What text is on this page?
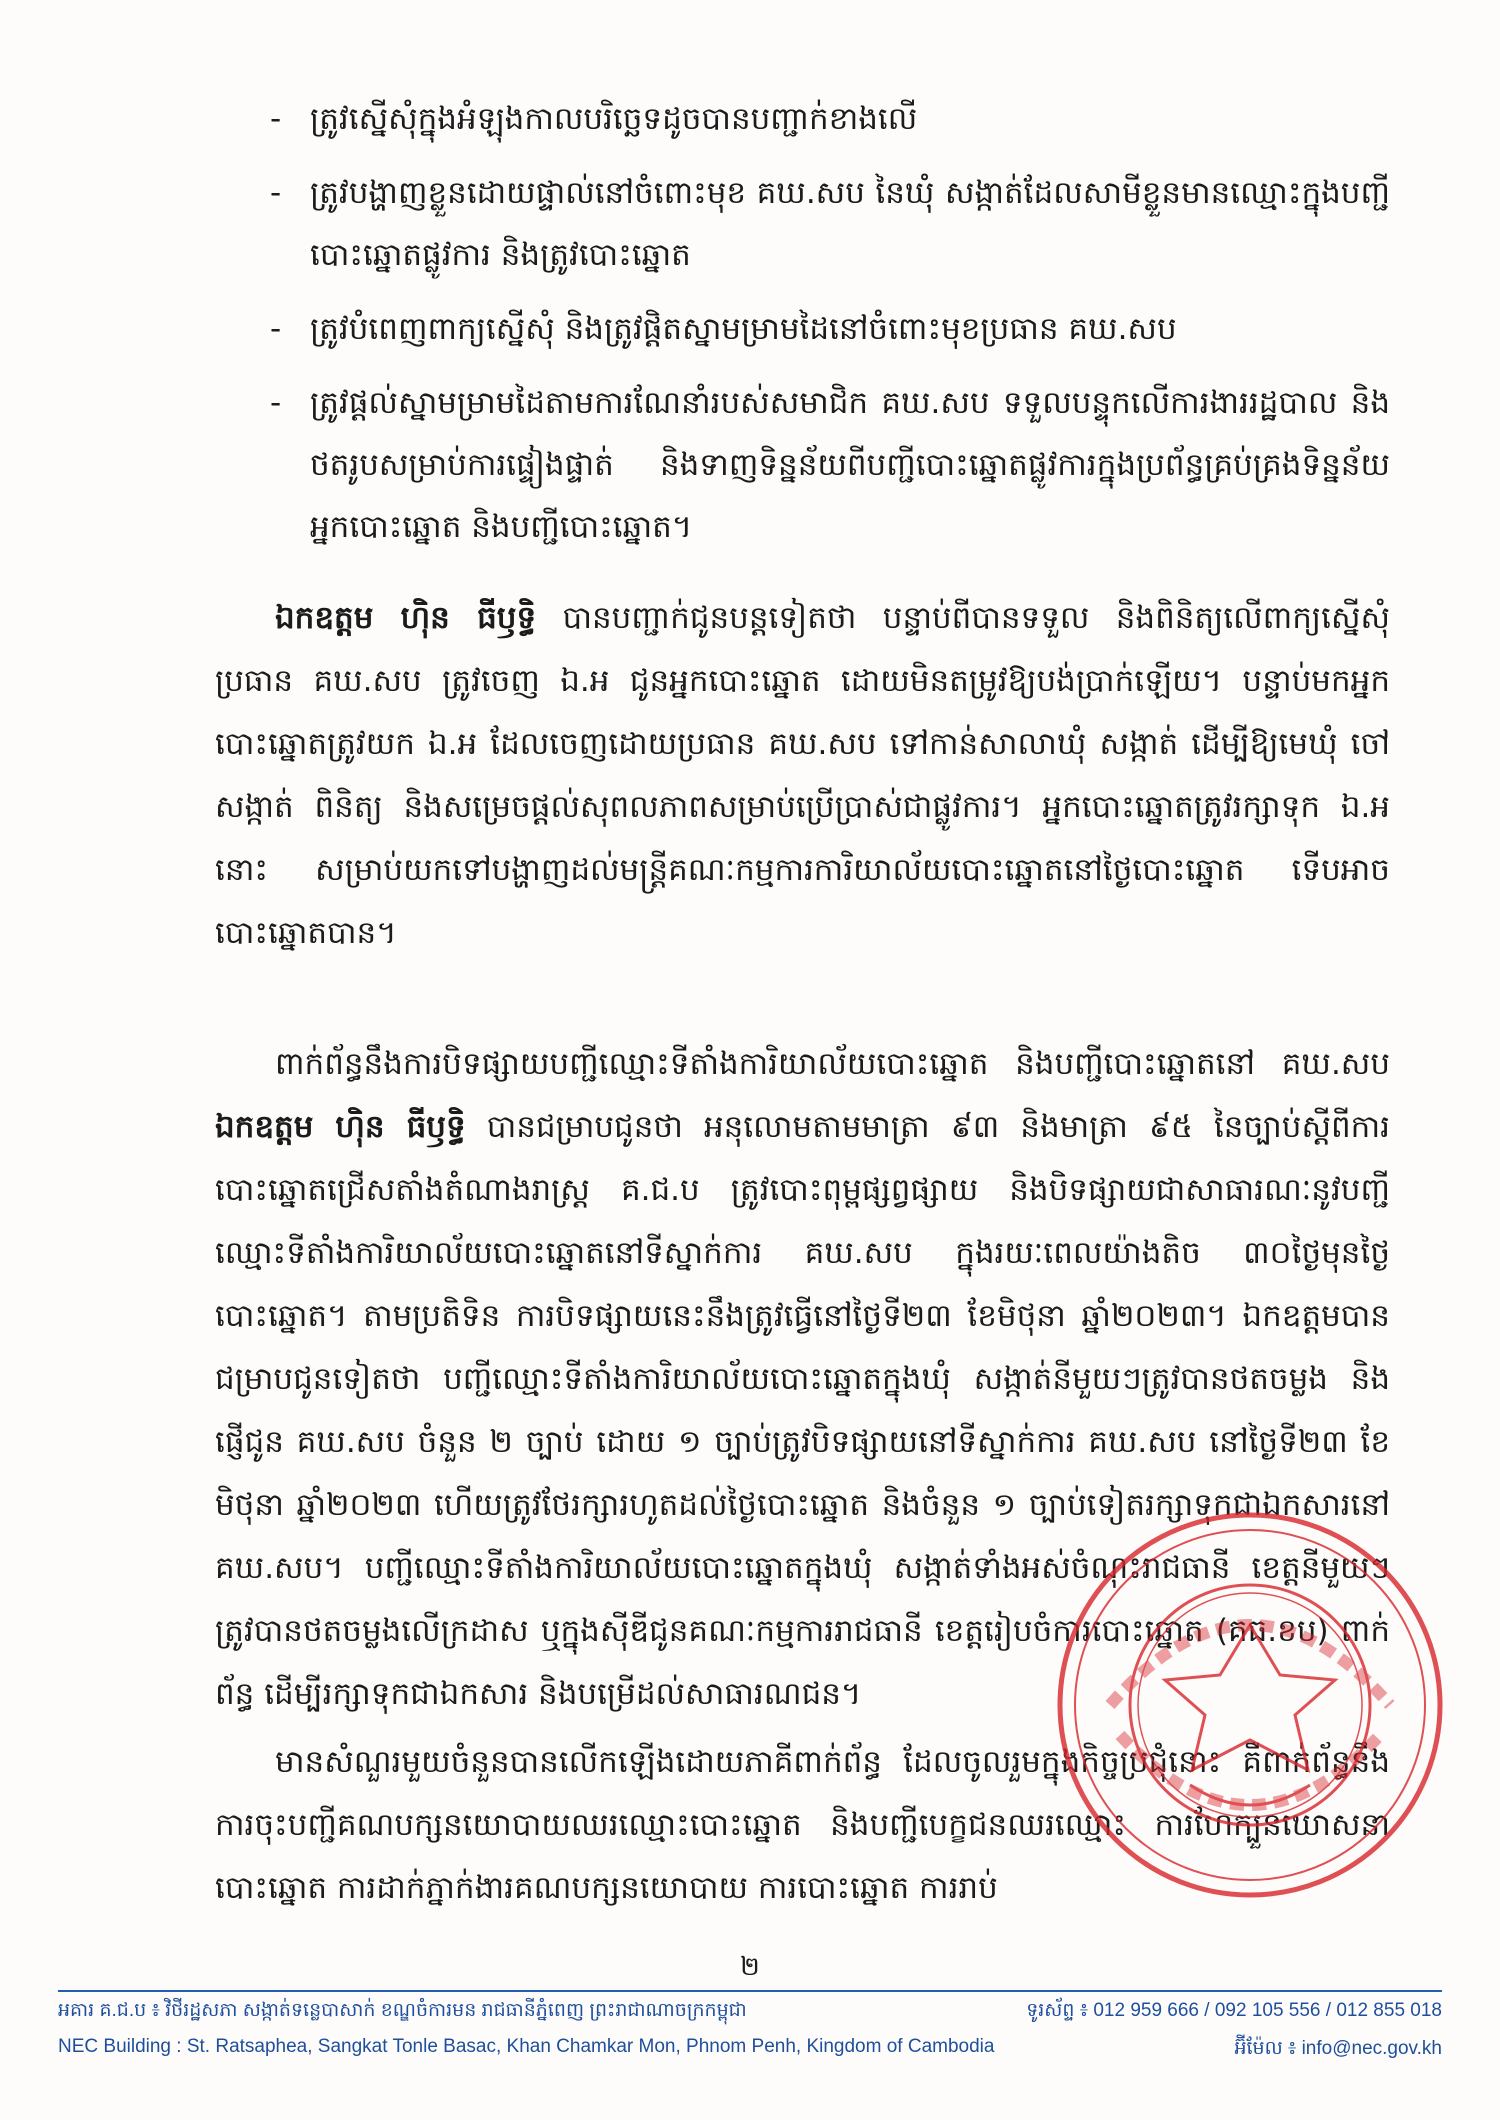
- ត្រូវស្នើសុំក្នុងអំឡុងកាលបរិច្ឆេទដូចបានបញ្ជាក់ខាងលើ
- ត្រូវបង្ហាញខ្លួនដោយផ្ទាល់នៅចំពោះមុខ គឃ.សប នៃឃុំ សង្កាត់ដែលសាមីខ្លួនមានឈ្មោះក្នុងបញ្ជីបោះឆ្នោតផ្លូវការ និងត្រូវបោះឆ្នោត
- ត្រូវបំពេញពាក្យស្នើសុំ និងត្រូវផ្តិតស្នាមម្រាមដៃនៅចំពោះមុខប្រធាន គឃ.សប
- ត្រូវផ្តល់ស្នាមម្រាមដៃតាមការណែនាំរបស់សមាជិក គឃ.សប ទទួលបន្ទុកលើការងាររដ្ឋបាល និងថតរូបសម្រាប់ការផ្ទៀងផ្ទាត់ និងទាញទិន្នន័យពីបញ្ជីបោះឆ្នោតផ្លូវការក្នុងប្រព័ន្ធគ្រប់គ្រងទិន្នន័យអ្នកបោះឆ្នោត និងបញ្ជីបោះឆ្នោត។

ឯកឧត្តម ហ៊ិន ធីឫទ្ធិ បានបញ្ជាក់ជូនបន្តទៀតថា បន្ទាប់ពីបានទទួល និងពិនិត្យលើពាក្យស្នើសុំ ប្រធាន គឃ.សប ត្រូវចេញ ឯ.អ ជូនអ្នកបោះឆ្នោត ដោយមិនតម្រូវឱ្យបង់ប្រាក់ឡើយ។ បន្ទាប់មកអ្នកបោះឆ្នោតត្រូវយក ឯ.អ ដែលចេញដោយប្រធាន គឃ.សប ទៅកាន់សាលាឃុំ សង្កាត់ ដើម្បីឱ្យមេឃុំ ចៅសង្កាត់ ពិនិត្យ និងសម្រេចផ្តល់សុពលភាពសម្រាប់ប្រើប្រាស់ជាផ្លូវការ។ អ្នកបោះឆ្នោតត្រូវរក្សាទុក ឯ.អ នោះ សម្រាប់យកទៅបង្ហាញដល់មន្ត្រីគណៈកម្មការការិយាល័យបោះឆ្នោតនៅថ្ងៃបោះឆ្នោត ទើបអាចបោះឆ្នោតបាន។

ពាក់ព័ន្ធនឹងការបិទផ្សាយបញ្ជីឈ្មោះទីតាំងការិយាល័យបោះឆ្នោត និងបញ្ជីបោះឆ្នោតនៅ គឃ.សប ឯកឧត្តម ហ៊ិន ធីឫទ្ធិ បានជម្រាបជូនថា អនុលោមតាមមាត្រា ៩៣ និងមាត្រា ៩៥ នៃច្បាប់ស្តីពីការបោះឆ្នោតជ្រើសតាំងតំណាងរាស្ត្រ គ.ជ.ប ត្រូវបោះពុម្ពផ្សព្វផ្សាយ និងបិទផ្សាយជាសាធារណៈនូវបញ្ជីឈ្មោះទីតាំងការិយាល័យបោះឆ្នោតនៅទីស្នាក់ការ គឃ.សប ក្នុងរយៈពេលយ៉ាងតិច ៣០ថ្ងៃមុនថ្ងៃបោះឆ្នោត។ តាមប្រតិទិន ការបិទផ្សាយនេះនឹងត្រូវធ្វើនៅថ្ងៃទី២៣ ខែមិថុនា ឆ្នាំ២០២៣។ ឯកឧត្តមបានជម្រាបជូនទៀតថា បញ្ជីឈ្មោះទីតាំងការិយាល័យបោះឆ្នោតក្នុងឃុំ សង្កាត់នីមួយៗត្រូវបានថតចម្លង និងផ្ញើជូន គឃ.សប ចំនួន ២ ច្បាប់ ដោយ ១ ច្បាប់ត្រូវបិទផ្សាយនៅទីស្នាក់ការ គឃ.សប នៅថ្ងៃទី២៣ ខែមិថុនា ឆ្នាំ២០២៣ ហើយត្រូវថែរក្សារហូតដល់ថ្ងៃបោះឆ្នោត និងចំនួន ១ ច្បាប់ទៀតរក្សាទុកជាឯកសារនៅ គឃ.សប។ បញ្ជីឈ្មោះទីតាំងការិយាល័យបោះឆ្នោតក្នុងឃុំ សង្កាត់ទាំងអស់ចំណុះរាជធានី ខេត្តនីមួយៗ ត្រូវបានថតចម្លងលើក្រដាស ឬក្នុងស៊ីឌីជូនគណៈកម្មការរាជធានី ខេត្តរៀបចំការបោះឆ្នោត (គធ.ខប) ពាក់ព័ន្ធ ដើម្បីរក្សាទុកជាឯកសារ និងបម្រើដល់សាធារណជន។

មានសំណួរមួយចំនួនបានលើកឡើងដោយភាគីពាក់ព័ន្ធ ដែលចូលរួមក្នុងកិច្ចប្រជុំនោះ គឺពាក់ព័ន្ធនឹងការចុះបញ្ជីគណបក្សនយោបាយឈរឈ្មោះបោះឆ្នោត និងបញ្ជីបេក្ខជនឈរឈ្មោះ ការហែក្បួនឃោសនាបោះឆ្នោត ការដាក់ភ្នាក់ងារគណបក្សនយោបាយ ការបោះឆ្នោត ការរាប់

២
អគារ គ.ជ.ប ៖ វិថីរដ្ឋសភា សង្កាត់ទន្លេបាសាក់ ខណ្ឌចំការមន រាជធានីភ្នំពេញ ព្រះរាជាណាចក្រកម្ពុជា	ទូរស័ព្ទ ៖ 012 959 666 / 092 105 556 / 012 855 018
NEC Building : St. Ratsaphea, Sangkat Tonle Basac, Khan Chamkar Mon, Phnom Penh, Kingdom of Cambodia	អ៊ីម៉ែល ៖ info@nec.gov.kh
